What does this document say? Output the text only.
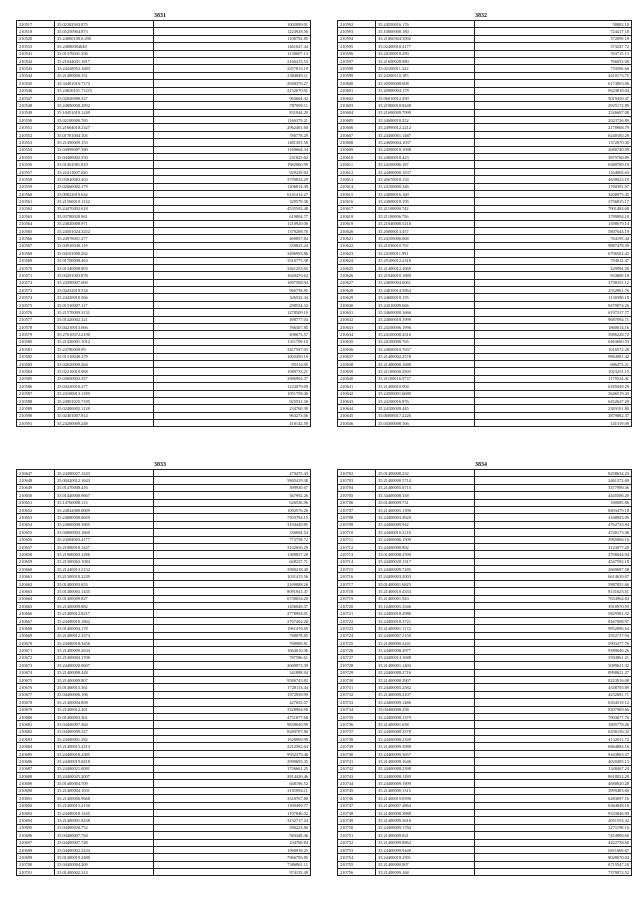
3831
210517	35.02382943.875	1002099.01
210518	35.05250904.873	1223928.56
210520	35.24860108.0.290	1106792.85
210533	35.24880084648	1461047.44
210541	35.01376041.356	1130607.13
210542	35.21644041.1817	2166415.53
210543	35.24428952.1683	2357813.19
210544	35.21400000.151	2384849.11
210545	35.34481016.7173	2948376.27
210546	35.24650101.71215	2152670.91
210547	35.02820988.527	963604.42
210548	35.24800008.2892	787098.11
210549	35.10451019.1249	831944.29
210550	35.02100000.765	1166379.21
210551	35.21664018.2327	2962401.60
210552	35.01781004.105	780778.29
210553	35.21490009.153	1481391.50
210554	35.04999087.580	1160664.34
210555	35.04400002.550	231825.62
210556	35.01401081.819	1982060.99
210557	35.22411007.620	929229.94
210558	35.03940083.403	3759834.29
210559	35.02660082.379	1206814.49
210560	35.00822019.642	6141414.27
210561	35.21560010.1132	329579.38
210562	35.24470492.618	4535592.48
210563	35.03780028.961	619804.77
210564	35.24820008.971	1210920.06
210565	35.24501024.3252	1379208.70
210566	35.24978001.277	469857.84
210567	35.04910040.119	330823.24
210568	35.04101000.262	3496993.86
210569	35.01700008.463	3316775.38
210570	35.01340008.903	3361255.65
210571	35.04291003.878	1640476.62
210572	35.24390007.669	1697508.94
210573	35.04432018.534	966758.85
210574	35.24420010.566	326532.44
210575	35.01310007.117	298554.32
210576	35.21570009.3131	1278509.10
210577	35.01420002.321	498777.04
210578	35.04210013.666	766307.85
210579	35.27010072.2190	498673.57
210580	35.21420001.1012	1311709.10
210581	35.24780009.99	3457597.03
210582	35.01310048.279	1002450.19
210583	35.02620009.264	85314.00
210584	35.02210010.968	1089733.21
210585	35.04600002.357	3986904.37
210586	35.04320018.277	1223079.09
210587	35.24100013.1189	1051758.40
210588	35.24901025.7185	925531.30
210589	35.02400005.1128	234760.39
210590	35.02401007.814	963273.06
210591	35.24200009.248	418142.58
3832
210592	35.24550016.176	58802.10
210593	35.10000000.180	724417.18
210594	35.21860304.3902	372099.18
210595	35.02400018.4177	573247.72
210596	35.24100018.290	763715.13
210597	35.21600028.980	766053.00
210598	35.02100011.322	733506.66
210599	35.24300110.185	4410173.75
210600	35.20500008.608	6174963.06
210601	35.20900004.178	9623818.04
210602	35.06010012.290	5019450.47
210603	35.21900018.8448	2925172.89
210604	35.21690009.7999	2326697.08
210605	35.34600018.252	2023726.89
210606	35.24990012.2212	2178968.79
210607	35.24400001.1487	6240185.29
210608	35.24600004.1037	1372070.30
210609	35.24500018.1098	2680740.09
210610	35.24600018.423	3879760.89
210611	35.24100006.187	6380789.19
210612	35.24400000.1637	1164003.63
210613	35.26670018.154	4658023.19
210614	35.24100000.346	1760391.97
210615	35.24000016.160	3208975.45
210616	35.24000018.195	2756815.17
210617	35.21100000.742	7901484.68
210618	35.21100006.756	3789894.18
210619	35.21040000.5218	1398679.14
210620	35.20000013.457	5807644.19
210621	35.24100006.068	764195.44
210622	35.21030010.767	9887478.39
210623	35.24100011.991	6796502.42
210624	35.25100012.2318	794012.47
210625	35.21400012.2069	429994.58
210626	35.21940010.1889	933809.18
210627	35.24600004.6061	3738351.12
210628	35.24810014.5862	2552861.76
210629	35.24600018.155	1130390.18
210630	35.24310009.666	9479974.26
210631	35.34600000.1666	6197317.77
210632	35.24000018.1999	9687094.71
210633	35.24100006.1996	1860014.16
210634	35.24100008.4316	3986228.72
210635	35.24100008.765	6463660.53
210636	35.24600010.7637	1616572.28
210637	35.21400002.2578	9864981.42
210638	35.21400000.1688	686473.21
210639	35.21100000.2569	1023251.15
210640	35.21100016.5737	1179524.41
210641	35.21400010.904	6185049.29
210642	35.24500001.6680	2646519.43
210643	35.24100016.876	6452627.29
210644	35.24100009.445	2383101.80
210645	35.06000017.2226	3879882.37
210646	35.04300008.166	141319.09
3833
210647	35.24490027.1243	479475.43
210648	35.00420012.1643	5865419.38
210649	35.01470008.416	399930.67
210650	35.01440008.9667	367992.26
210651	35.14760008.113	626536.96
210652	35.24842080.0609	1092576.26
210653	35.24080008.0659	7503794.15
210654	35.24080008.1805	3194449.85
210655	35.04800003.1860	336694.54
210656	35.24304003.4177	773758.72
210657	35.21900018.1427	3142656.29
210658	35.21900003.1286	1389837.28
210659	35.21300063.1084	628237.71
210660	35.21440013.2132	3980418.40
210661	35.21300018.2239	1031415.56
210662	35.01400003.653	2169088.26
210663	35.01400003.1435	8091941.47
210664	35.01400009.827	6758654.20
210665	35.21400009.882	1456048.37
210666	35.21400012.8217	2778994.01
210667	35.24400010.1862	2767402.20
210668	35.01400004.178	1961476.69
210669	35.21400012.3374	768078.85
210670	35.24400018.3456	768969.81
210671	35.21400009.2634	1664010.36
210672	35.21400004.1706	787586.61
210673	35.24400020.0607	2669973.39
210674	35.21400008.428	341898.94
210675	35.21400009.807	9586743.83
210676	35.01400015.361	1728113.44
210677	35.04400006.106	1372939.99
210678	35.21400004.808	427655.07
210679	35.21400012.261	3328904.90
210680	35.01400003.361	4751877.68
210681	35.04400007.364	9838049.99
210682	35.04400009.327	8280707.86
210683	35.24400001.282	1628969.99
210684	35.21400015.2213	2212582.64
210685	35.24400018.2385	9932379.46
210686	35.24400019.0418	2999693.35
210687	35.24400021.0081	1736661.25
210688	35.24400025.2007	2814426.46
210689	35.01400004.709	648196.52
210690	35.21400004.1031	3101094.11
210691	35.21400006.9668	3318767.80
210692	35.21400015.2150	1390499.77
210693	35.24400018.1435	1197846.02
210694	35.21400001.8438	3132717.24
210695	35.04400020.752	396223.86
210696	35.04400007.704	583348.46
210697	35.04400007.748	234768.84
210698	35.04400002.2434	1960038.25
210699	35.01400019.2480	7966795.85
210700	35.04400004.269	7306861.11
210701	35.01400002.214	974155.49
3834
210702	35.01400008.232	8258634.23
210703	35.21400000.5714	2461372.69
210704	35.21400005.6715	3377990.36
210705	35.34400008.358	4445506.20
210706	35.01400009.731	180085.86
210707	35.21400005.1390	8493479.18
210708	35.24400003.3820	3168943.09
210709	35.24400009.942	4762733.84
210710	35.24400010.2110	4740173.48
210711	35.24400006.1509	3965066.16
210712	35.24400008.892	3123077.20
210713	35.01400008.2590	2706044.94
210714	35.24400020.1317	4547592.18
210715	35.24400009.7285	2669687.58
210716	35.24400003.2003	6614639.07
210717	35.01400001.6825	5987051.66
210718	35.21400010.4333	8131623.51
210719	35.21400001.943	7654964.84
210720	35.12400005.3546	3918970.59
210721	35.24400018.2986	5829381.32
210722	35.24400018.3721	8267008.97
210723	35.21400001.1172	9852896.64
210724	35.24400007.2150	3352717.94
210725	35.21400000.3241	5903277.76
210726	35.24400008.2977	9389646.26
210727	35.24400014.1688	3594961.21
210728	35.21400001.1403	3089621.32
210729	35.24400008.2716	8998621.27
210730	35.21400008.2907	8223916.08
210731	35.24400005.2582	4338705.89
210732	35.21400009.2107	4232681.71
210733	35.24400009.1486	6354519.12
210734	35.04400008.258	8307969.66
210735	35.24400008.1379	7903677.76
210736	35.21400001.658	1805778.26
210737	35.24400008.3378	6256156.32
210738	35.24400008.2349	4132011.72
210739	35.21400009.3988	6864884.16
210740	35.24400009.3657	9443863.37
210741	35.21400009.1646	4020495.13
210742	35.24400008.2398	1348467.24
210743	35.24400008.1189	8618022.20
210744	35.24400009.1909	4680620.28
210745	35.21400000.1315	3999483.60
210746	35.21400019.0590	6283697.16
210747	35.21400007.4864	6364848.16
210748	35.21400008.3888	9333846.99
210749	35.21400009.3616	2051553.32
210750	35.24400009.1784	3271198.16
210751	35.21400009.821	7454990.60
210752	35.21400009.8862	4422758.60
210753	35.24400009.9449	6811669.67
210754	35.24400018.2391	8028670.04
210755	35.21400000.907	6715547.18
210756	35.21400009.168	7379072.52
